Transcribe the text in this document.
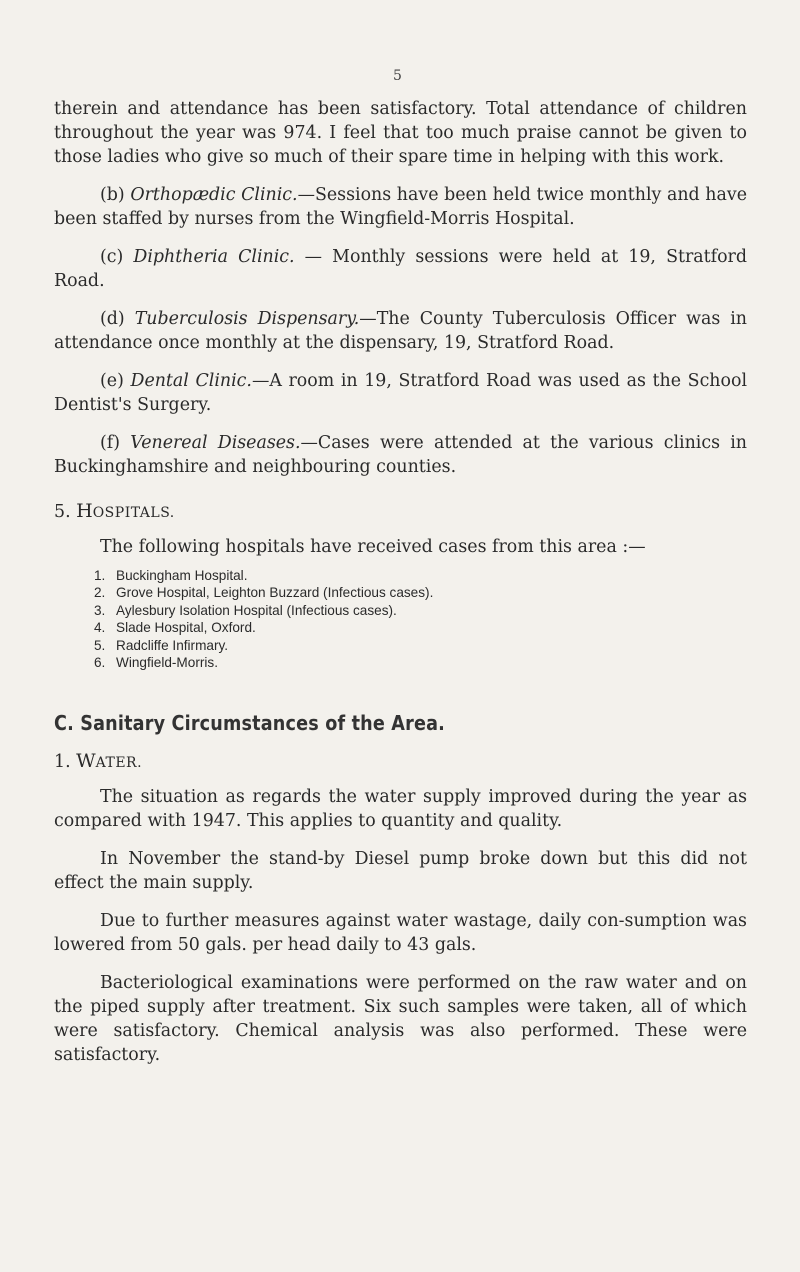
5

therein and attendance has been satisfactory. Total attendance of children throughout the year was 974. I feel that too much praise cannot be given to those ladies who give so much of their spare time in helping with this work.

(b) Orthopædic Clinic.—Sessions have been held twice monthly and have been staffed by nurses from the Wingfield-Morris Hospital.

(c) Diphtheria Clinic. — Monthly sessions were held at 19, Stratford Road.

(d) Tuberculosis Dispensary.—The County Tuberculosis Officer was in attendance once monthly at the dispensary, 19, Stratford Road.

(e) Dental Clinic.—A room in 19, Stratford Road was used as the School Dentist's Surgery.

(f) Venereal Diseases.—Cases were attended at the various clinics in Buckinghamshire and neighbouring counties.

5. HOSPITALS.

The following hospitals have received cases from this area :—

1. Buckingham Hospital.
2. Grove Hospital, Leighton Buzzard (Infectious cases).
3. Aylesbury Isolation Hospital (Infectious cases).
4. Slade Hospital, Oxford.
5. Radcliffe Infirmary.
6. Wingfield-Morris.
C. Sanitary Circumstances of the Area.

1. WATER.

The situation as regards the water supply improved during the year as compared with 1947. This applies to quantity and quality.

In November the stand-by Diesel pump broke down but this did not effect the main supply.

Due to further measures against water wastage, daily con-sumption was lowered from 50 gals. per head daily to 43 gals.

Bacteriological examinations were performed on the raw water and on the piped supply after treatment. Six such samples were taken, all of which were satisfactory. Chemical analysis was also performed. These were satisfactory.
